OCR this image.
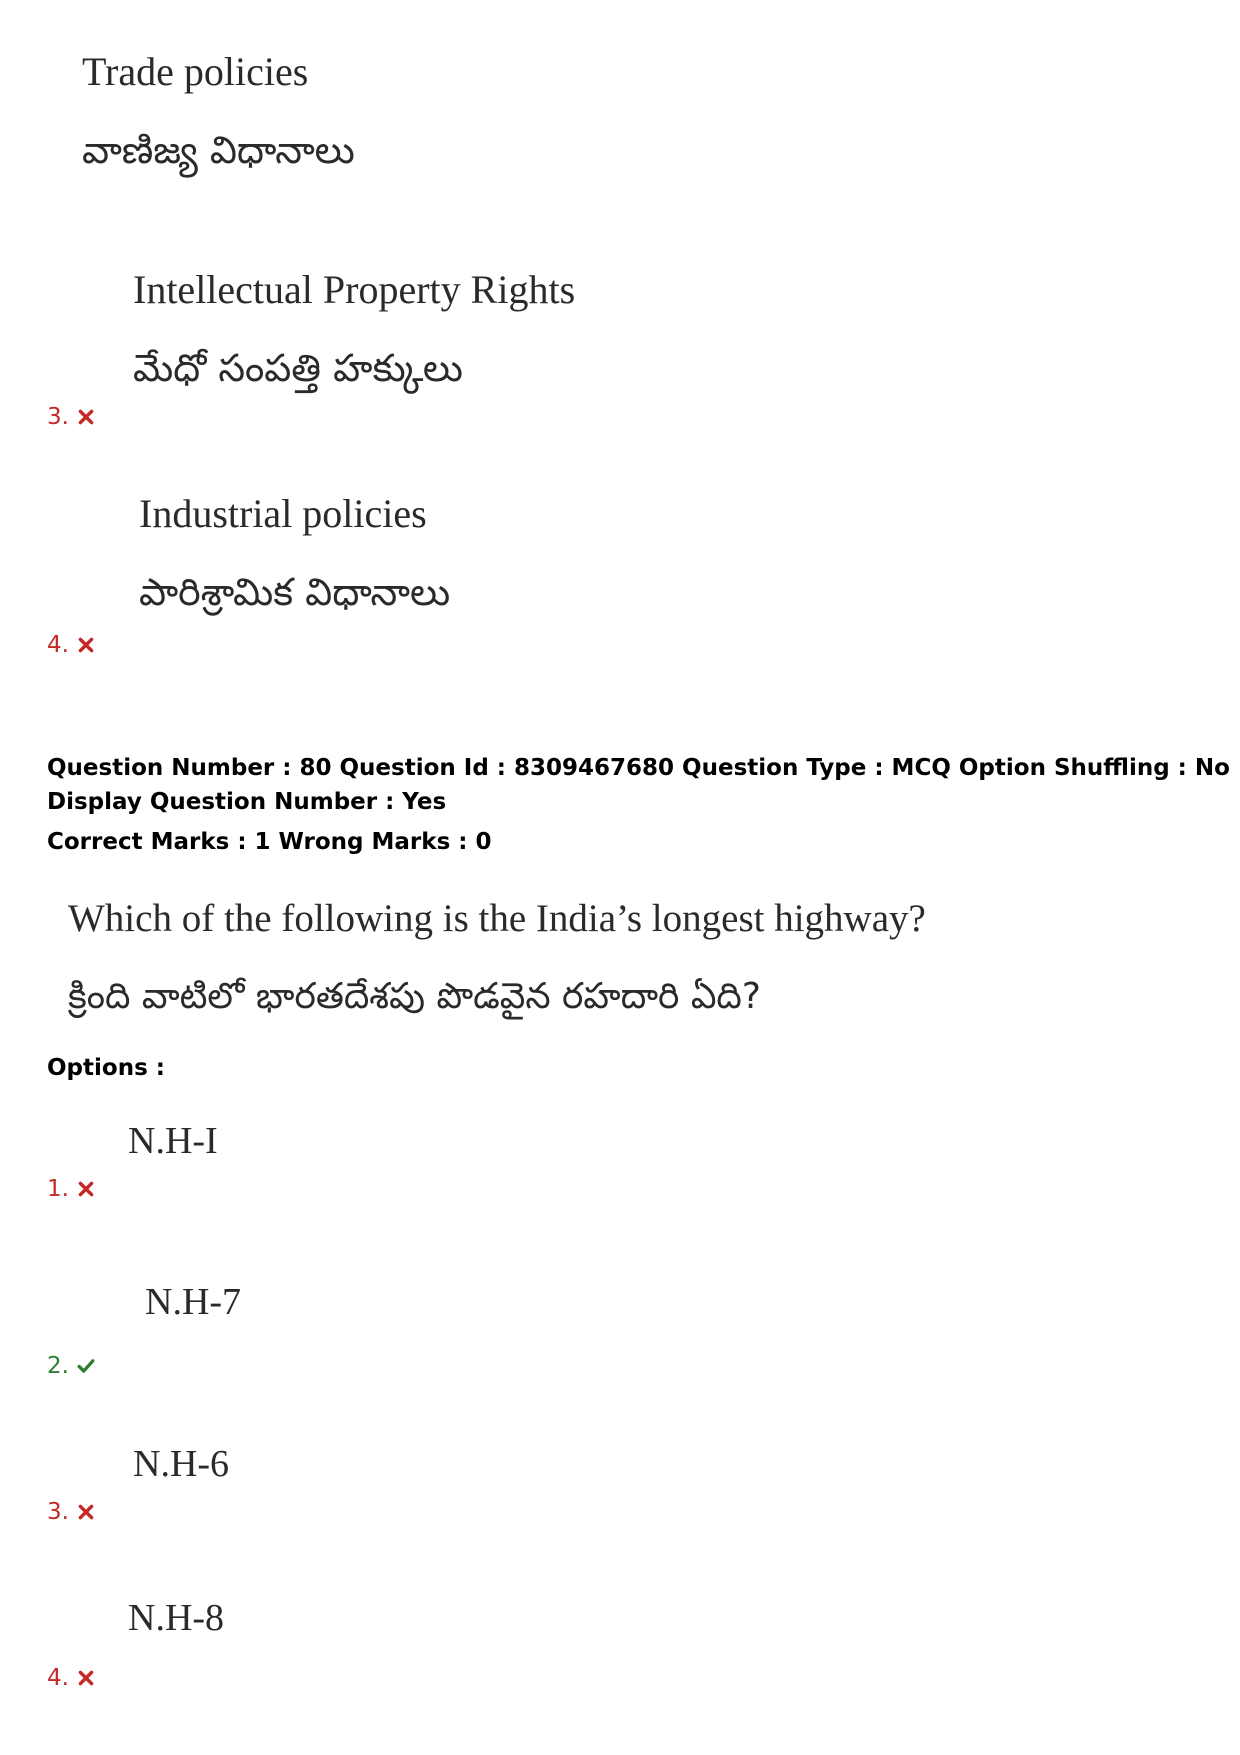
Trade policies
వాణిజ్య విధానాలు
Intellectual Property Rights
మేధో సంపత్తి హక్కులు
3.
Industrial policies
పారిశ్రామిక విధానాలు
4.
Question Number : 80 Question Id : 8309467680 Question Type : MCQ Option Shuffling : No
Display Question Number : Yes
Correct Marks : 1 Wrong Marks : 0
Which of the following is the India’s longest highway?
క్రింది వాటిలో భారతదేశపు పొడవైన రహదారి ఏది?
Options :
N.H-I
1.
N.H-7
2.
N.H-6
3.
N.H-8
4.
